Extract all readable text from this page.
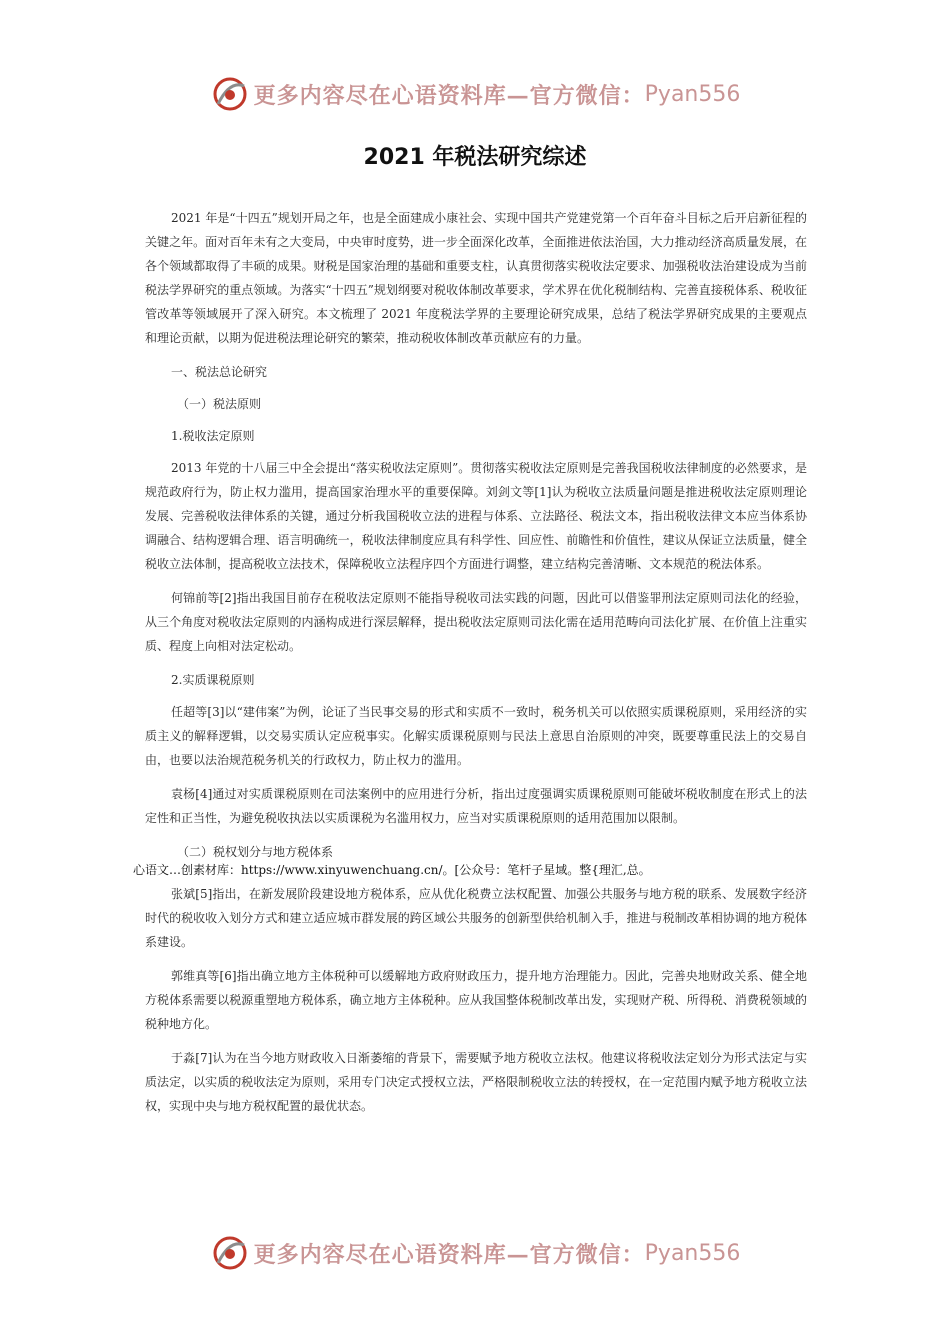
更多内容尽在心语资料库—官方微信： Pyan556
2021 年税法研究综述

2021 年是“十四五”规划开局之年，也是全面建成小康社会、实现中国共产党建党第一个百年奋斗目标之后开启新征程的关键之年。面对百年未有之大变局，中央审时度势，进一步全面深化改革，全面推进依法治国，大力推动经济高质量发展，在各个领域都取得了丰硕的成果。财税是国家治理的基础和重要支柱，认真贯彻落实税收法定要求、加强税收法治建设成为当前税法学界研究的重点领域。为落实“十四五”规划纲要对税收体制改革要求，学术界在优化税制结构、完善直接税体系、税收征管改革等领域展开了深入研究。本文梳理了 2021 年度税法学界的主要理论研究成果，总结了税法学界研究成果的主要观点和理论贡献，以期为促进税法理论研究的繁荣，推动税收体制改革贡献应有的力量。

一、税法总论研究
（一）税法原则
1.税收法定原则

2013 年党的十八届三中全会提出“落实税收法定原则”。贯彻落实税收法定原则是完善我国税收法律制度的必然要求，是规范政府行为，防止权力滥用，提高国家治理水平的重要保障。刘剑文等[1]认为税收立法质量问题是推进税收法定原则理论发展、完善税收法律体系的关键，通过分析我国税收立法的进程与体系、立法路径、税法文本，指出税收法律文本应当体系协调融合、结构逻辑合理、语言明确统一，税收法律制度应具有科学性、回应性、前瞻性和价值性，建议从保证立法质量，健全税收立法体制，提高税收立法技术，保障税收立法程序四个方面进行调整，建立结构完善清晰、文本规范的税法体系。

何锦前等[2]指出我国目前存在税收法定原则不能指导税收司法实践的问题，因此可以借鉴罪刑法定原则司法化的经验，从三个角度对税收法定原则的内涵构成进行深层解释，提出税收法定原则司法化需在适用范畴向司法化扩展、在价值上注重实质、程度上向相对法定松动。

2.实质课税原则

任超等[3]以“建伟案”为例，论证了当民事交易的形式和实质不一致时，税务机关可以依照实质课税原则，采用经济的实质主义的解释逻辑，以交易实质认定应税事实。化解实质课税原则与民法上意思自治原则的冲突，既要尊重民法上的交易自由，也要以法治规范税务机关的行政权力，防止权力的滥用。

袁杨[4]通过对实质课税原则在司法案例中的应用进行分析，指出过度强调实质课税原则可能破坏税收制度在形式上的法定性和正当性，为避免税收执法以实质课税为名滥用权力，应当对实质课税原则的适用范围加以限制。

（二）税权划分与地方税体系
心语文…创素材库：https://www.xinyuwenchuang.cn/。[公众号：笔杆子星域。整{理汇,总。

张斌[5]指出，在新发展阶段建设地方税体系，应从优化税费立法权配置、加强公共服务与地方税的联系、发展数字经济时代的税收收入划分方式和建立适应城市群发展的跨区域公共服务的创新型供给机制入手，推进与税制改革相协调的地方税体系建设。

郭维真等[6]指出确立地方主体税种可以缓解地方政府财政压力，提升地方治理能力。因此，完善央地财政关系、健全地方税体系需要以税源重塑地方税体系，确立地方主体税种。应从我国整体税制改革出发，实现财产税、所得税、消费税领域的税种地方化。

于淼[7]认为在当今地方财政收入日渐萎缩的背景下，需要赋予地方税收立法权。他建议将税收法定划分为形式法定与实质法定，以实质的税收法定为原则，采用专门决定式授权立法，严格限制税收立法的转授权，在一定范围内赋予地方税收立法权，实现中央与地方税权配置的最优状态。

更多内容尽在心语资料库—官方微信： Pyan556
